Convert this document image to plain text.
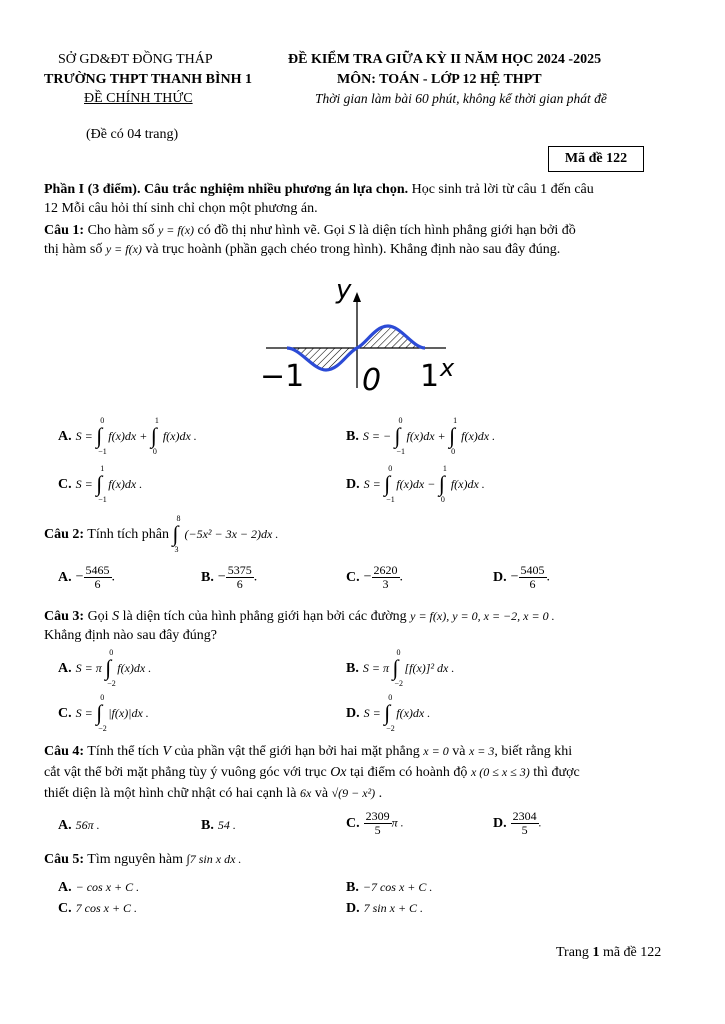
SỞ GD&ĐT ĐỒNG THÁP
TRƯỜNG THPT THANH BÌNH 1
ĐỀ CHÍNH THỨC
ĐỀ KIỂM TRA GIỮA KỲ II NĂM HỌC 2024 -2025
MÔN: TOÁN - LỚP 12 HỆ THPT
Thời gian làm bài 60 phút, không kể thời gian phát đề
(Đề có 04 trang)
Mã đề 122
Phần I (3 điểm). Câu trắc nghiệm nhiều phương án lựa chọn. Học sinh trả lời từ câu 1 đến câu
12 Mỗi câu hỏi thí sinh chỉ chọn một phương án.
Câu 1: Cho hàm số y = f(x) có đồ thị như hình vẽ. Gọi S là diện tích hình phẳng giới hạn bởi đồ
thị hàm số y = f(x) và trục hoành (phần gạch chéo trong hình). Khẳng định nào sau đây đúng.
y
x
−1 0 1
A. S = ∫
0
−1
f(x)dx + ∫
1
0
f(x)dx .	B. S = − ∫
0
−1
f(x)dx + ∫
1
0
f(x)dx .
C. S = ∫
1
−1
f(x)dx .	D. S = ∫
0
−1
f(x)dx − ∫
1
0
f(x)dx .
Câu 2: Tính tích phân ∫
8
3
(−5x² − 3x − 2)dx .
A. − $\frac{5465}{6}$ .	B. − $\frac{5375}{6}$ .	C. − $\frac{2620}{3}$ .	D. − $\frac{5405}{6}$ .
Câu 3: Gọi S là diện tích của hình phẳng giới hạn bởi các đường y = f(x), y = 0, x = −2, x = 0 .
Khẳng định nào sau đây đúng?
A. S = π ∫
0
−2
f(x)dx .	B. S = π ∫
0
−2
[f(x)]² dx .
C. S = ∫
0
−2
|f(x)|dx .	D. S = ∫
0
−2
f(x)dx .
Câu 4: Tính thể tích V của phần vật thể giới hạn bởi hai mặt phẳng x = 0 và x = 3, biết rằng khi
cắt vật thể bởi mặt phẳng tùy ý vuông góc với trục Ox tại điểm có hoành độ x (0 ≤ x ≤ 3) thì được
thiết diện là một hình chữ nhật có hai cạnh là 6x và √(9 − x²) .
A. 56π .	B. 54 .	C. $\frac{2309}{5}$ π .	D. $\frac{2304}{5}$ .
Câu 5: Tìm nguyên hàm ∫7 sin x dx .
A. − cos x + C .	B. −7 cos x + C .
C. 7 cos x + C .	D. 7 sin x + C .
Trang 1 mã đề 122
